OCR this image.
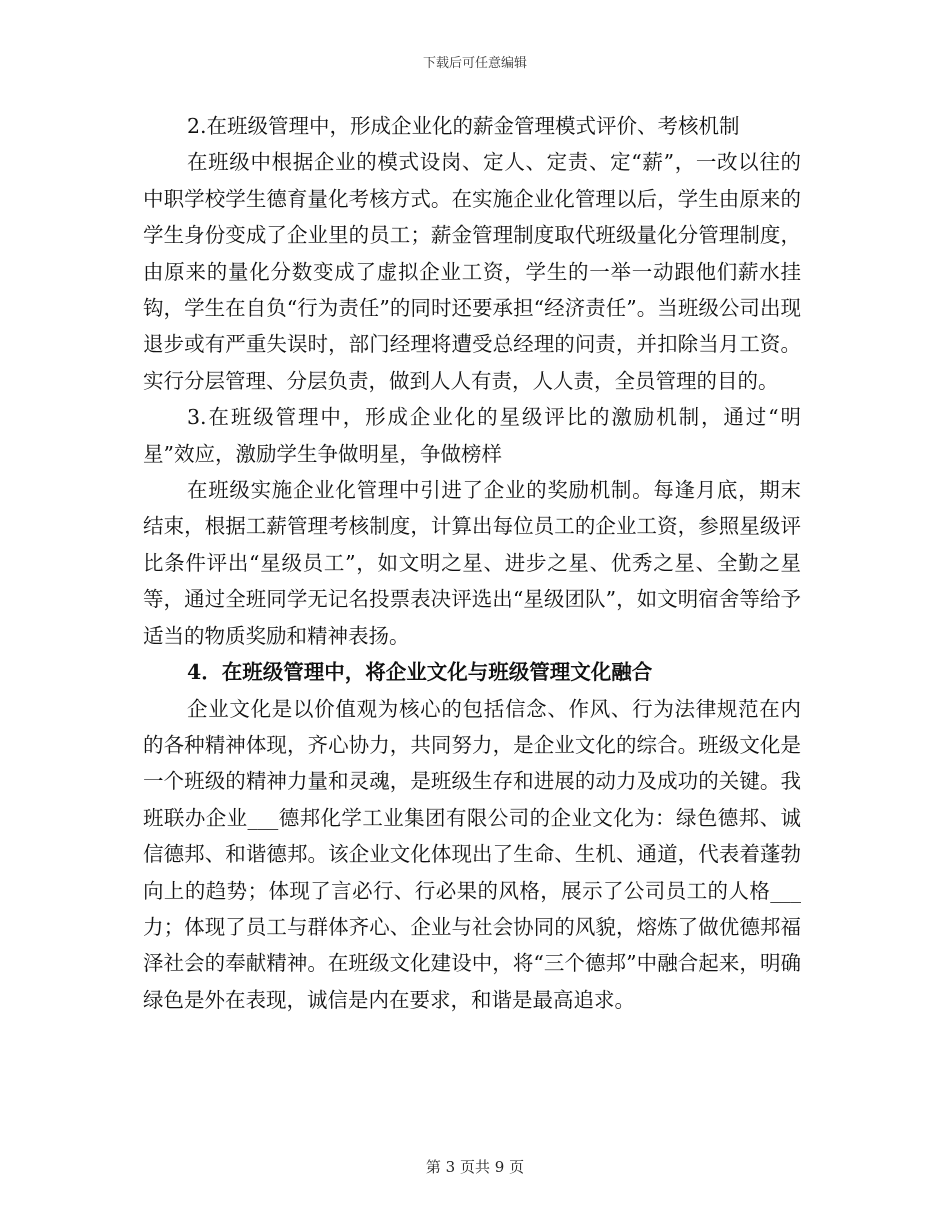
下载后可任意编辑

2.在班级管理中，形成企业化的薪金管理模式评价、考核机制

在班级中根据企业的模式设岗、定人、定责、定“薪”，一改以往的中职学校学生德育量化考核方式。在实施企业化管理以后，学生由原来的学生身份变成了企业里的员工；薪金管理制度取代班级量化分管理制度，由原来的量化分数变成了虚拟企业工资，学生的一举一动跟他们薪水挂钩，学生在自负“行为责任”的同时还要承担“经济责任”。当班级公司出现退步或有严重失误时，部门经理将遭受总经理的问责，并扣除当月工资。实行分层管理、分层负责，做到人人有责，人人责，全员管理的目的。

3.在班级管理中，形成企业化的星级评比的激励机制，通过“明星”效应，激励学生争做明星，争做榜样

在班级实施企业化管理中引进了企业的奖励机制。每逢月底，期末结束，根据工薪管理考核制度，计算出每位员工的企业工资，参照星级评比条件评出“星级员工”，如文明之星、进步之星、优秀之星、全勤之星等，通过全班同学无记名投票表决评选出“星级团队”，如文明宿舍等给予适当的物质奖励和精神表扬。

4．在班级管理中，将企业文化与班级管理文化融合

企业文化是以价值观为核心的包括信念、作风、行为法律规范在内的各种精神体现，齐心协力，共同努力，是企业文化的综合。班级文化是一个班级的精神力量和灵魂，是班级生存和进展的动力及成功的关键。我班联办企业___德邦化学工业集团有限公司的企业文化为：绿色德邦、诚信德邦、和谐德邦。该企业文化体现出了生命、生机、通道，代表着蓬勃向上的趋势；体现了言必行、行必果的风格，展示了公司员工的人格___力；体现了员工与群体齐心、企业与社会协同的风貌，熔炼了做优德邦福泽社会的奉献精神。在班级文化建设中，将“三个德邦”中融合起来，明确绿色是外在表现，诚信是内在要求，和谐是最高追求。

第 3 页共 9 页
